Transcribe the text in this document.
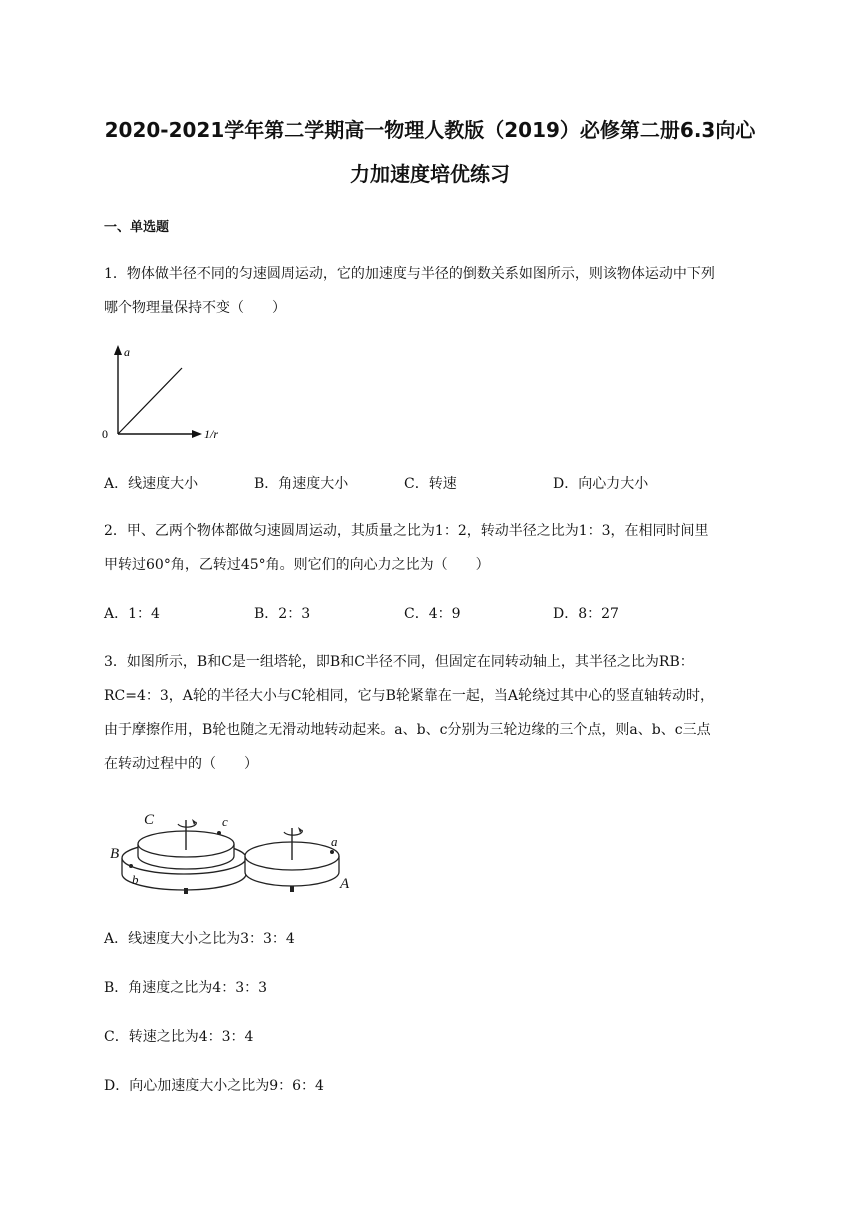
2020-2021学年第二学期高一物理人教版（2019）必修第二册6.3向心
力加速度培优练习
一、单选题
1．物体做半径不同的匀速圆周运动，它的加速度与半径的倒数关系如图所示，则该物体运动中下列
哪个物理量保持不变（　　）
a
0	1/r
A．线速度大小	B．角速度大小	C．转速	D．向心力大小
2．甲、乙两个物体都做匀速圆周运动，其质量之比为1：2，转动半径之比为1：3，在相同时间里
甲转过60°角，乙转过45°角。则它们的向心力之比为（　　）
A．1：4	B．2：3	C．4：9	D．8：27
3．如图所示，B和C是一组塔轮，即B和C半径不同，但固定在同转动轴上，其半径之比为RB：
RC=4：3，A轮的半径大小与C轮相同，它与B轮紧靠在一起，当A轮绕过其中心的竖直轴转动时，
由于摩擦作用，B轮也随之无滑动地转动起来。a、b、c分别为三轮边缘的三个点，则a、b、c三点
在转动过程中的（　　）
C	c
B
b
a
A
A．线速度大小之比为3：3：4
B．角速度之比为4：3：3
C．转速之比为4：3：4
D．向心加速度大小之比为9：6：4
